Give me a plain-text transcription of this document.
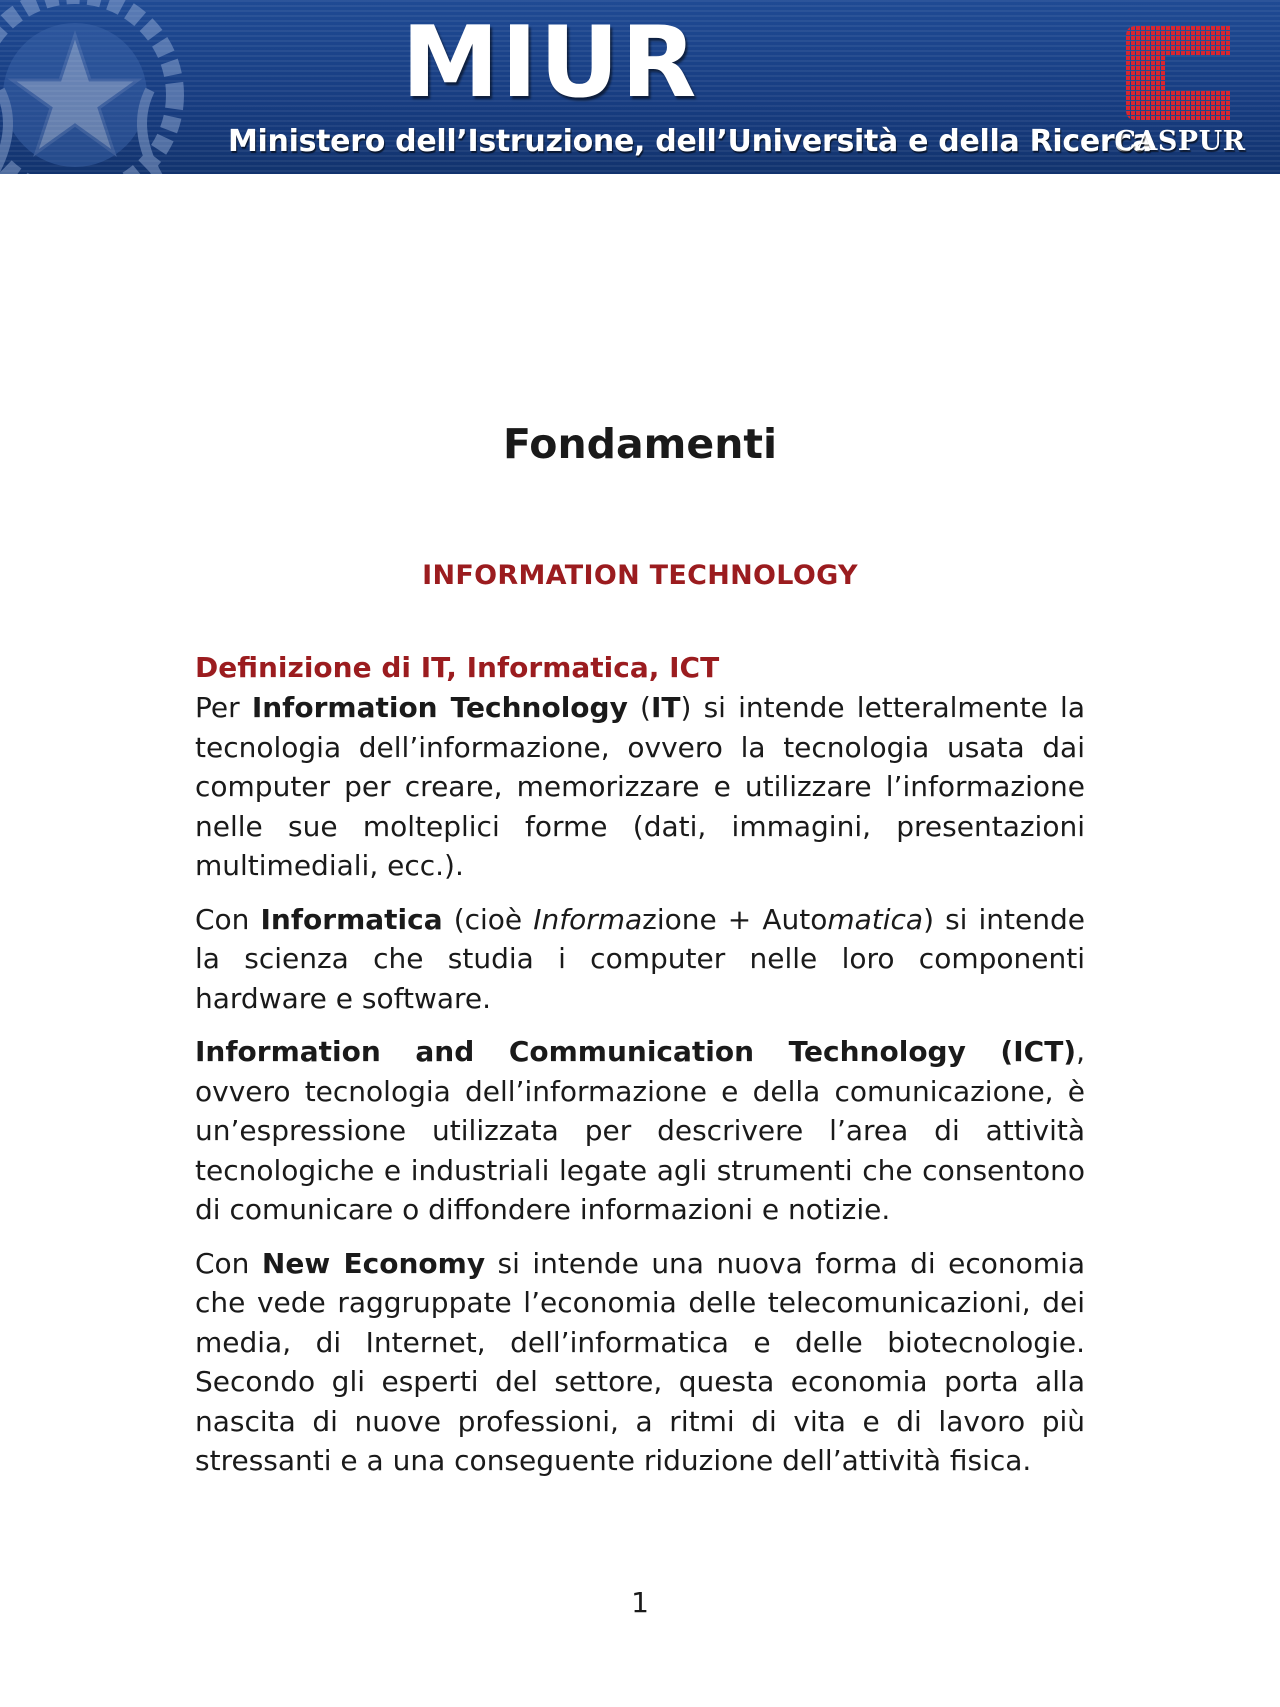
MIUR
Ministero dell’Istruzione, dell’Università e della Ricerca
CASPUR
Fondamenti
INFORMATION TECHNOLOGY

Definizione di IT, Informatica, ICT

Per Information Technology (IT) si intende letteralmente la tecnologia dell’informazione, ovvero la tecnologia usata dai computer per creare, memorizzare e utilizzare l’informazione nelle sue molteplici forme (dati, immagini, presentazioni multimediali, ecc.).

Con Informatica (cioè Informazione + Automatica) si intende la scienza che studia i computer nelle loro componenti hardware e software.

Information and Communication Technology (ICT), ovvero tecnologia dell’informazione e della comunicazione, è un’espressione utilizzata per descrivere l’area di attività tecnologiche e industriali legate agli strumenti che consentono di comunicare o diffondere informazioni e notizie.

Con New Economy si intende una nuova forma di economia che vede raggruppate l’economia delle telecomunicazioni, dei media, di Internet, dell’informatica e delle biotecnologie. Secondo gli esperti del settore, questa economia porta alla nascita di nuove professioni, a ritmi di vita e di lavoro più stressanti e a una conseguente riduzione dell’attività fisica.

1
